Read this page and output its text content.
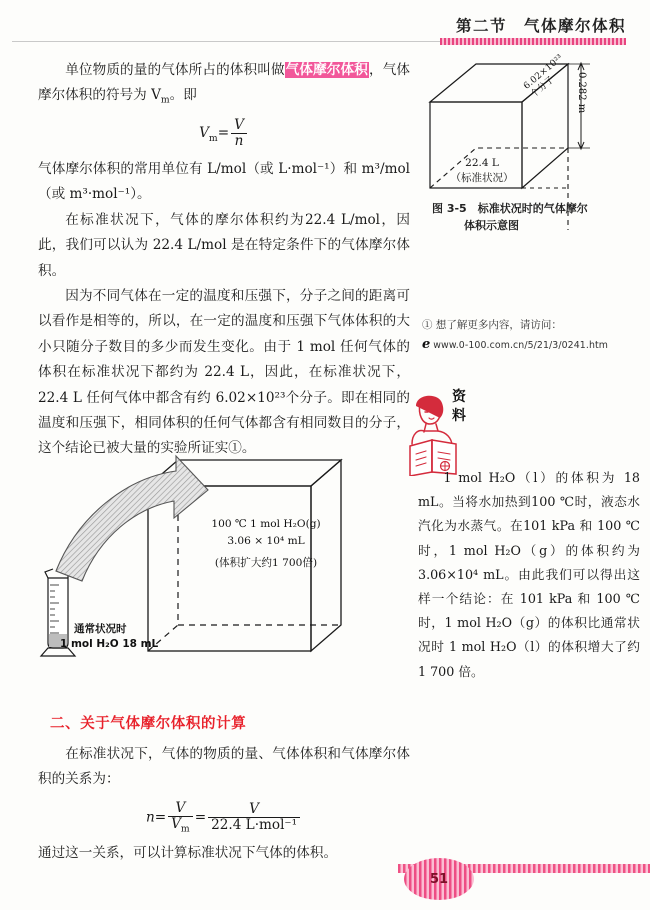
第二节　气体摩尔体积

单位物质的量的气体所占的体积叫做气体摩尔体积，气体摩尔体积的符号为 $V_m$。即

$V_m= \frac{V}{n}$

气体摩尔体积的常用单位有 L/mol（或 L·mol⁻¹）和 m³/mol（或 m³·mol⁻¹）。

在标准状况下，气体的摩尔体积约为22.4 L/mol，因此，我们可以认为 22.4 L/mol 是在特定条件下的气体摩尔体积。

因为不同气体在一定的温度和压强下，分子之间的距离可以看作是相等的，所以，在一定的温度和压强下气体体积的大小只随分子数目的多少而发生变化。由于 1 mol 任何气体的体积在标准状况下都约为 22.4 L，因此，在标准状况下，22.4 L 任何气体中都含有约 6.02×10²³个分子。即在相同的温度和压强下，相同体积的任何气体都含有相同数目的分子，这个结论已被大量的实验所证实①。

22.4 L
（标准状况）
6.02×10²³个分子	0.282 m
图 3-5　标准状况时的气体摩尔
体积示意图
① 想了解更多内容，请访问：
e www.0-100.com.cn/5/21/3/0241.htm
资
料
1 mol H₂O（l）的体积为 18 mL。当将水加热到100 ℃时，液态水汽化为水蒸气。在101 kPa 和 100 ℃时，1 mol H₂O（g）的体积约为 3.06×10⁴ mL。由此我们可以得出这样一个结论：在 101 kPa 和 100 ℃时，1 mol H₂O（g）的体积比通常状况时 1 mol H₂O（l）的体积增大了约 1 700 倍。
100 ℃ 1 mol H₂O(g)
3.06 × 10⁴ mL
(体积扩大约1 700倍)
通常状况时
1 mol H₂O 18 mL
二、关于气体摩尔体积的计算

在标准状况下，气体的物质的量、气体体积和气体摩尔体积的关系为：

$n= \frac{V}{V_m} = \frac{V}{\text{22.4 L·mol⁻¹}}$

通过这一关系，可以计算标准状况下气体的体积。

51
